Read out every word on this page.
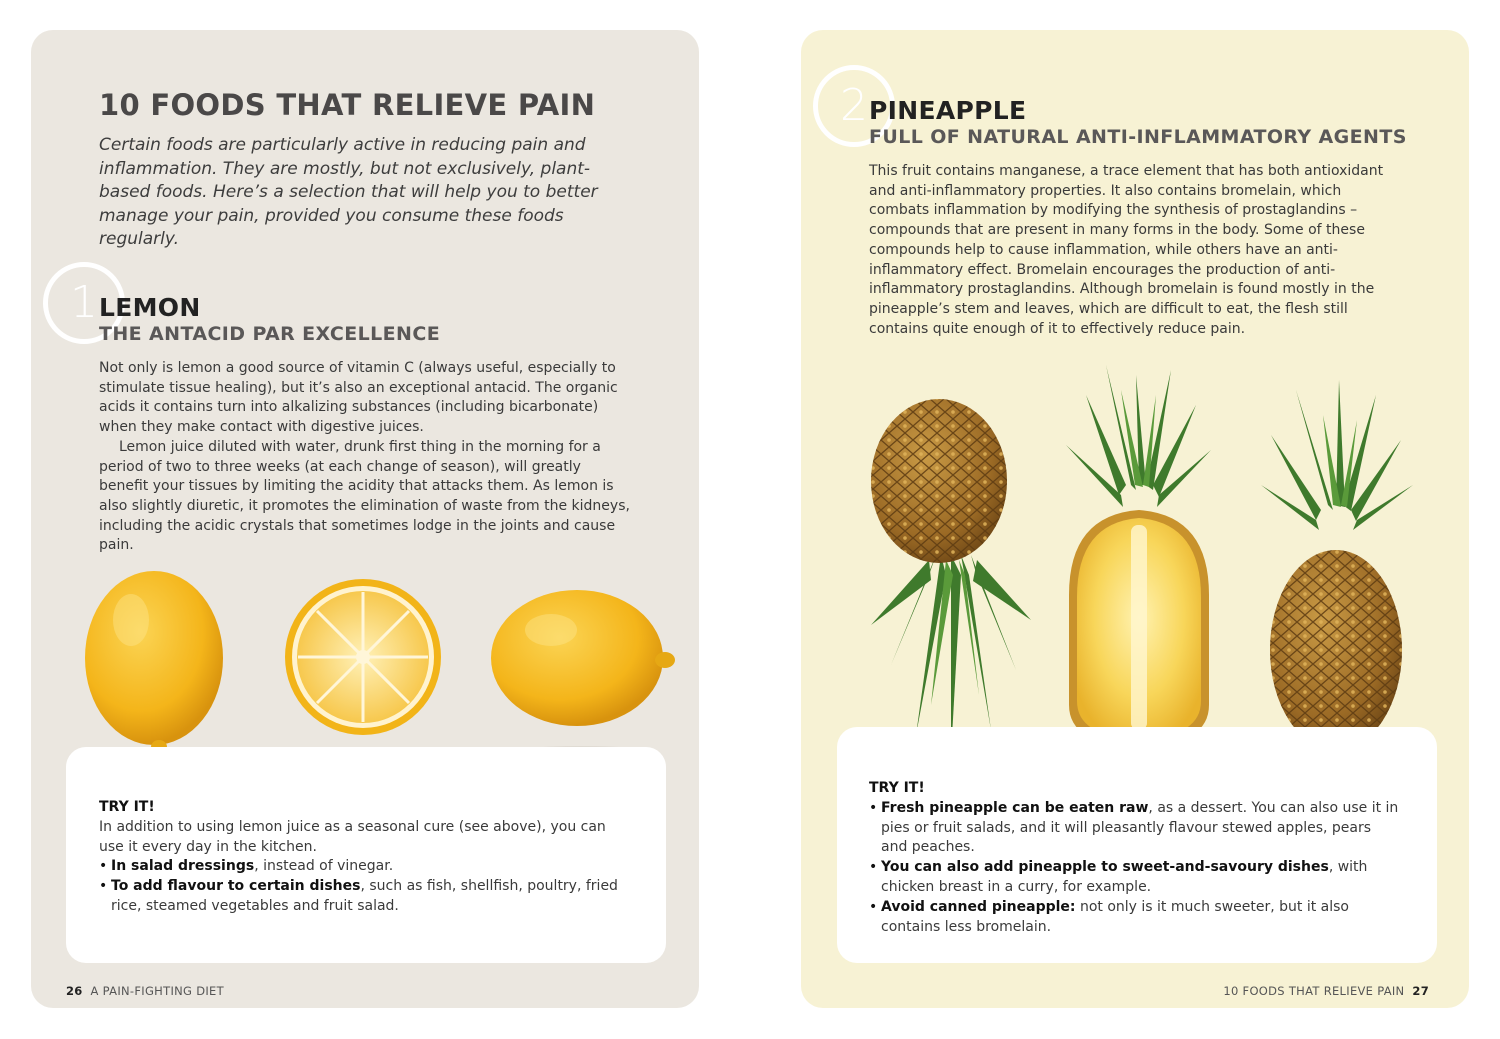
10 FOODS THAT RELIEVE PAIN

Certain foods are particularly active in reducing pain and inflammation. They are mostly, but not exclusively, plant-based foods. Here’s a selection that will help you to better manage your pain, provided you consume these foods regularly.

1 LEMON
THE ANTACID PAR EXCELLENCE

Not only is lemon a good source of vitamin C (always useful, especially to stimulate tissue healing), but it’s also an exceptional antacid. The organic acids it contains turn into alkalizing substances (including bicarbonate) when they make contact with digestive juices.

Lemon juice diluted with water, drunk first thing in the morning for a period of two to three weeks (at each change of season), will greatly benefit your tissues by limiting the acidity that attacks them. As lemon is also slightly diuretic, it promotes the elimination of waste from the kidneys, including the acidic crystals that sometimes lodge in the joints and cause pain.

TRY IT!

In addition to using lemon juice as a seasonal cure (see above), you can use it every day in the kitchen.

• In salad dressings, instead of vinegar.
• To add flavour to certain dishes, such as fish, shellfish, poultry, fried rice, steamed vegetables and fruit salad.
26 A PAIN-FIGHTING DIET
2 PINEAPPLE
FULL OF NATURAL ANTI-INFLAMMATORY AGENTS

This fruit contains manganese, a trace element that has both antioxidant and anti-inflammatory properties. It also contains bromelain, which combats inflammation by modifying the synthesis of prostaglandins – compounds that are present in many forms in the body. Some of these compounds help to cause inflammation, while others have an anti-inflammatory effect. Bromelain encourages the production of anti-inflammatory prostaglandins. Although bromelain is found mostly in the pineapple’s stem and leaves, which are difficult to eat, the flesh still contains quite enough of it to effectively reduce pain.

TRY IT!

• Fresh pineapple can be eaten raw, as a dessert. You can also use it in pies or fruit salads, and it will pleasantly flavour stewed apples, pears and peaches.
• You can also add pineapple to sweet-and-savoury dishes, with chicken breast in a curry, for example.
• Avoid canned pineapple: not only is it much sweeter, but it also contains less bromelain.
10 FOODS THAT RELIEVE PAIN 27
